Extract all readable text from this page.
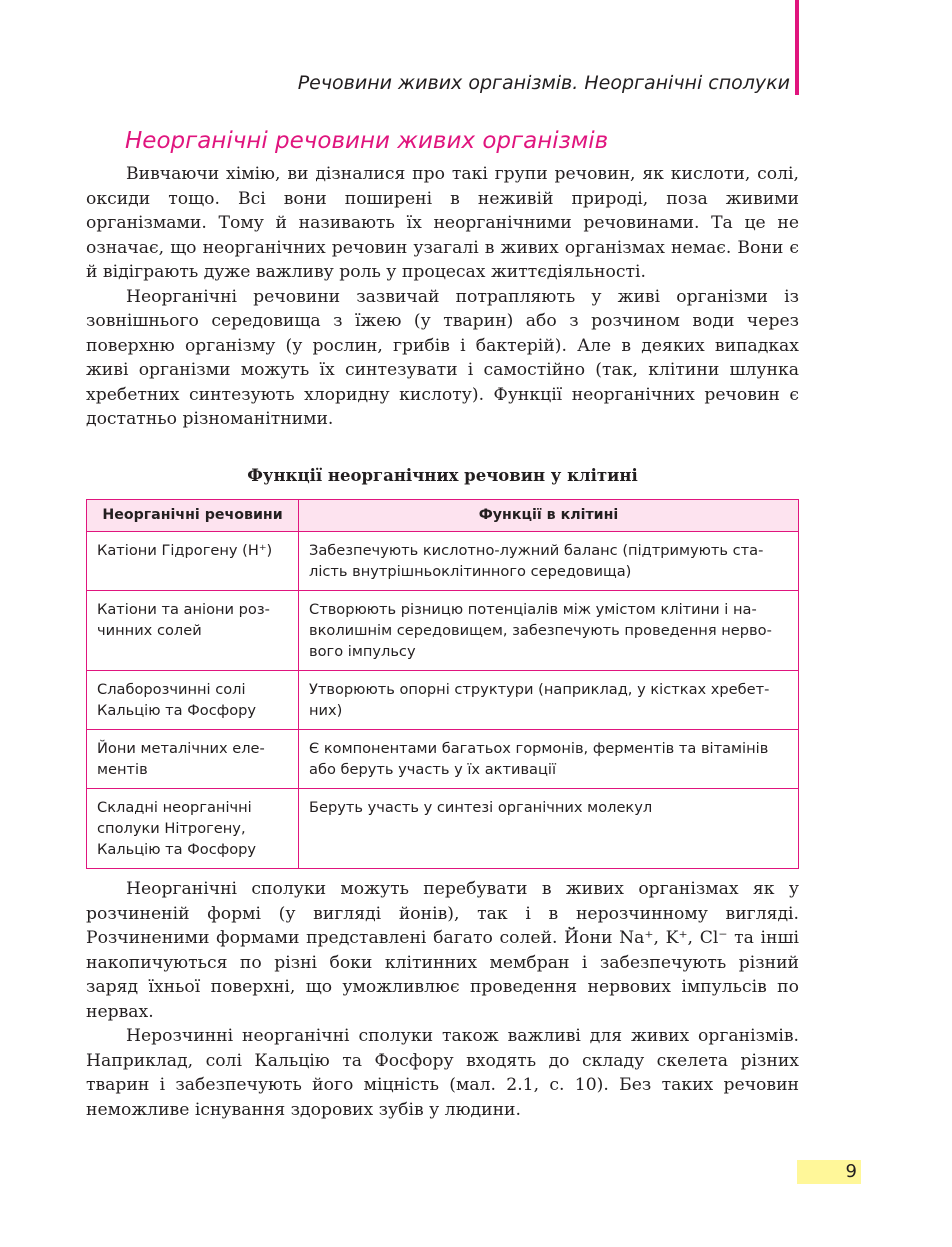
Речовини живих організмів. Неорганічні сполуки
Неорганічні речовини живих організмів

Вивчаючи хімію, ви дізналися про такі групи речовин, як кислоти, солі, оксиди тощо. Всі вони поширені в неживій природі, поза живими організмами. Тому й називають їх неорганічними речовинами. Та це не означає, що неорганічних речовин узагалі в живих організмах немає. Вони є й відіграють дуже важливу роль у процесах життєдіяльності.

Неорганічні речовини зазвичай потрапляють у живі організми із зовнішнього середовища з їжею (у тварин) або з розчином води через поверхню організму (у рослин, грибів і бактерій). Але в деяких випадках живі організми можуть їх синтезувати і самостійно (так, клітини шлунка хребетних синтезують хлоридну кислоту). Функції неорганічних речовин є достатньо різноманітними.

Функції неорганічних речовин у клітині
Неорганічні речовини	Функції в клітині
Катіони Гідрогену (H⁺)	Забезпечують кислотно-лужний баланс (підтримують сталість внутрішньоклітинного середовища)
Катіони та аніони розчинних солей	Створюють різницю потенціалів між умістом клітини і навколишнім середовищем, забезпечують проведення нервового імпульсу
Слаборозчинні солі Кальцію та Фосфору	Утворюють опорні структури (наприклад, у кістках хребетних)
Йони металічних елементів	Є компонентами багатьох гормонів, ферментів та вітамінів або беруть участь у їх активації
Складні неорганічні сполуки Нітрогену, Кальцію та Фосфору	Беруть участь у синтезі органічних молекул

Неорганічні сполуки можуть перебувати в живих організмах як у розчиненій формі (у вигляді йонів), так і в нерозчинному вигляді. Розчиненими формами представлені багато солей. Йони Na⁺, K⁺, Cl⁻ та інші накопичуються по різні боки клітинних мембран і забезпечують різний заряд їхньої поверхні, що уможливлює проведення нервових імпульсів по нервах.

Нерозчинні неорганічні сполуки також важливі для живих організмів. Наприклад, солі Кальцію та Фосфору входять до складу скелета різних тварин і забезпечують його міцність (мал. 2.1, с. 10). Без таких речовин неможливе існування здорових зубів у людини.

9
